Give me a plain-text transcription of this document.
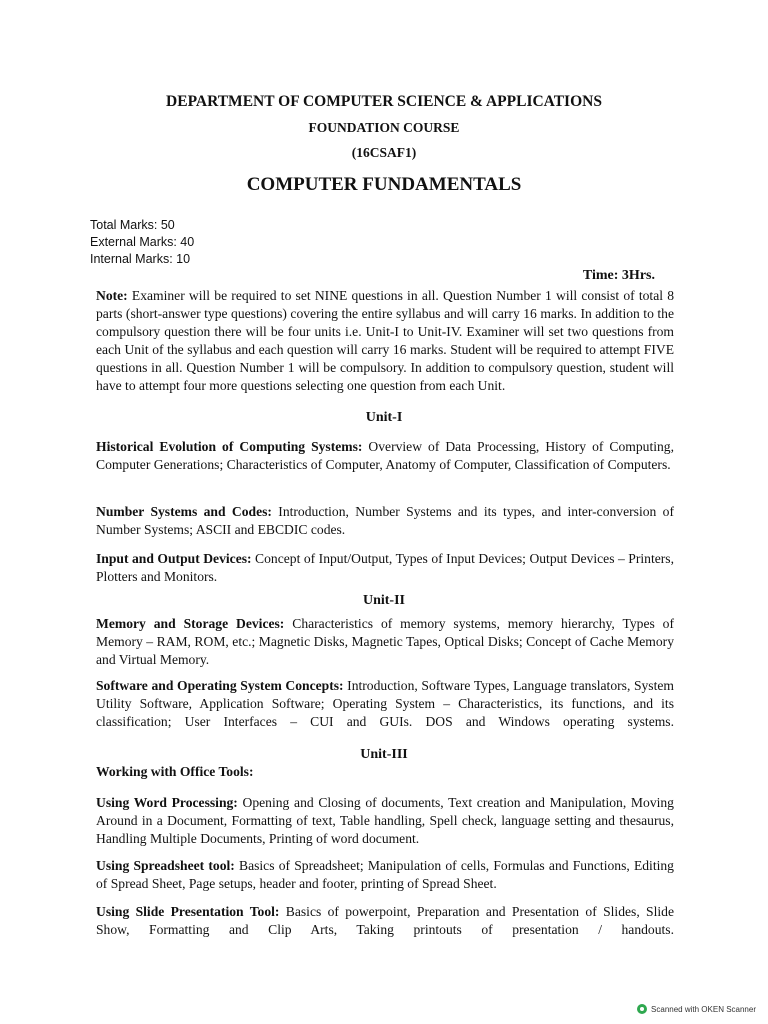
DEPARTMENT OF COMPUTER SCIENCE & APPLICATIONS
FOUNDATION COURSE
(16CSAF1)
COMPUTER FUNDAMENTALS
Total Marks: 50
External Marks: 40
Internal Marks: 10
Time: 3Hrs.
Note: Examiner will be required to set NINE questions in all. Question Number 1 will consist of total 8 parts (short-answer type questions) covering the entire syllabus and will carry 16 marks. In addition to the compulsory question there will be four units i.e. Unit-I to Unit-IV. Examiner will set two questions from each Unit of the syllabus and each question will carry 16 marks. Student will be required to attempt FIVE questions in all. Question Number 1 will be compulsory. In addition to compulsory question, student will have to attempt four more questions selecting one question from each Unit.
Unit-I
Historical Evolution of Computing Systems: Overview of Data Processing, History of Computing, Computer Generations; Characteristics of Computer, Anatomy of Computer, Classification of Computers.
Number Systems and Codes: Introduction, Number Systems and its types, and inter-conversion of Number Systems; ASCII and EBCDIC codes.
Input and Output Devices: Concept of Input/Output, Types of Input Devices; Output Devices – Printers, Plotters and Monitors.
Unit-II
Memory and Storage Devices: Characteristics of memory systems, memory hierarchy, Types of Memory – RAM, ROM, etc.; Magnetic Disks, Magnetic Tapes, Optical Disks; Concept of Cache Memory and Virtual Memory.
Software and Operating System Concepts: Introduction, Software Types, Language translators, System Utility Software, Application Software; Operating System – Characteristics, its functions, and its classification; User Interfaces – CUI and GUIs. DOS and Windows operating systems.
Unit-III
Working with Office Tools:
Using Word Processing: Opening and Closing of documents, Text creation and Manipulation, Moving Around in a Document, Formatting of text, Table handling, Spell check, language setting and thesaurus, Handling Multiple Documents, Printing of word document.
Using Spreadsheet tool: Basics of Spreadsheet; Manipulation of cells, Formulas and Functions, Editing of Spread Sheet, Page setups, header and footer, printing of Spread Sheet.
Using Slide Presentation Tool: Basics of powerpoint, Preparation and Presentation of Slides, Slide Show, Formatting and Clip Arts, Taking printouts of presentation / handouts.
Scanned with OKEN Scanner
